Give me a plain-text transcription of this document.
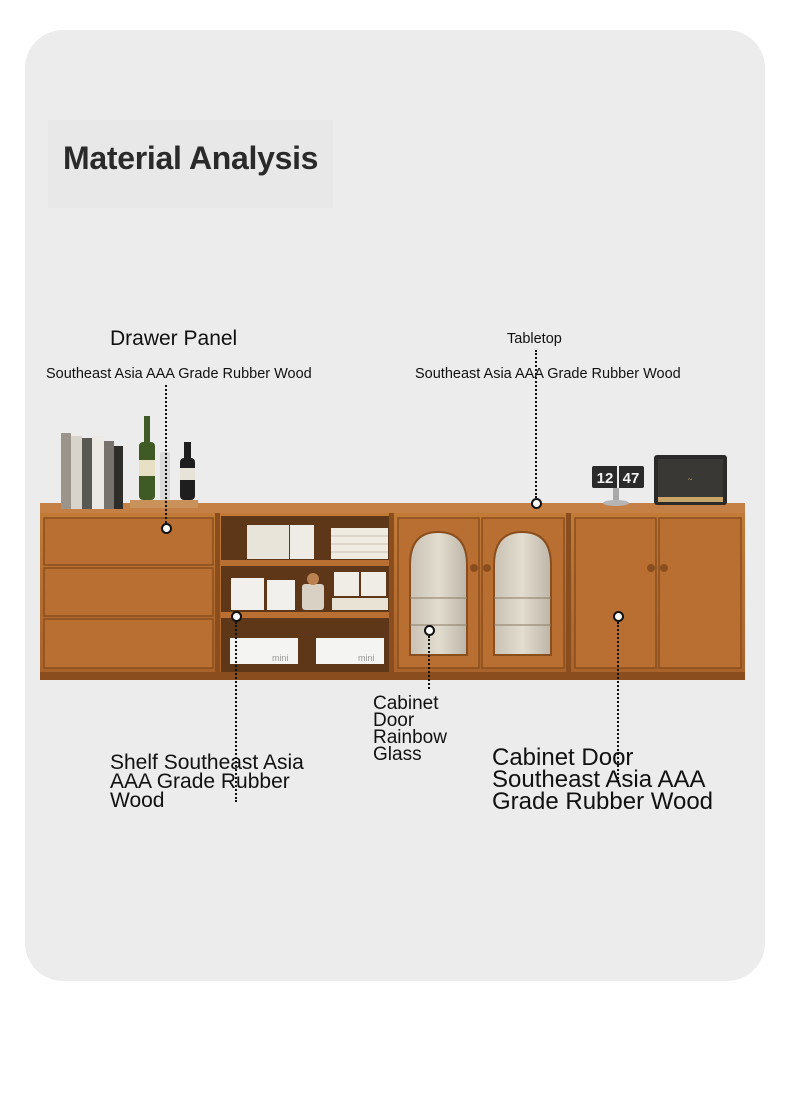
Material Analysis
12 47	~
mini	mini
Drawer Panel
Southeast Asia AAA Grade Rubber Wood
Tabletop
Southeast Asia AAA Grade Rubber Wood
Shelf Southeast Asia
AAA Grade Rubber
Wood
Cabinet
Door
Rainbow
Glass	Cabinet Door
Southeast Asia AAA
Grade Rubber Wood
